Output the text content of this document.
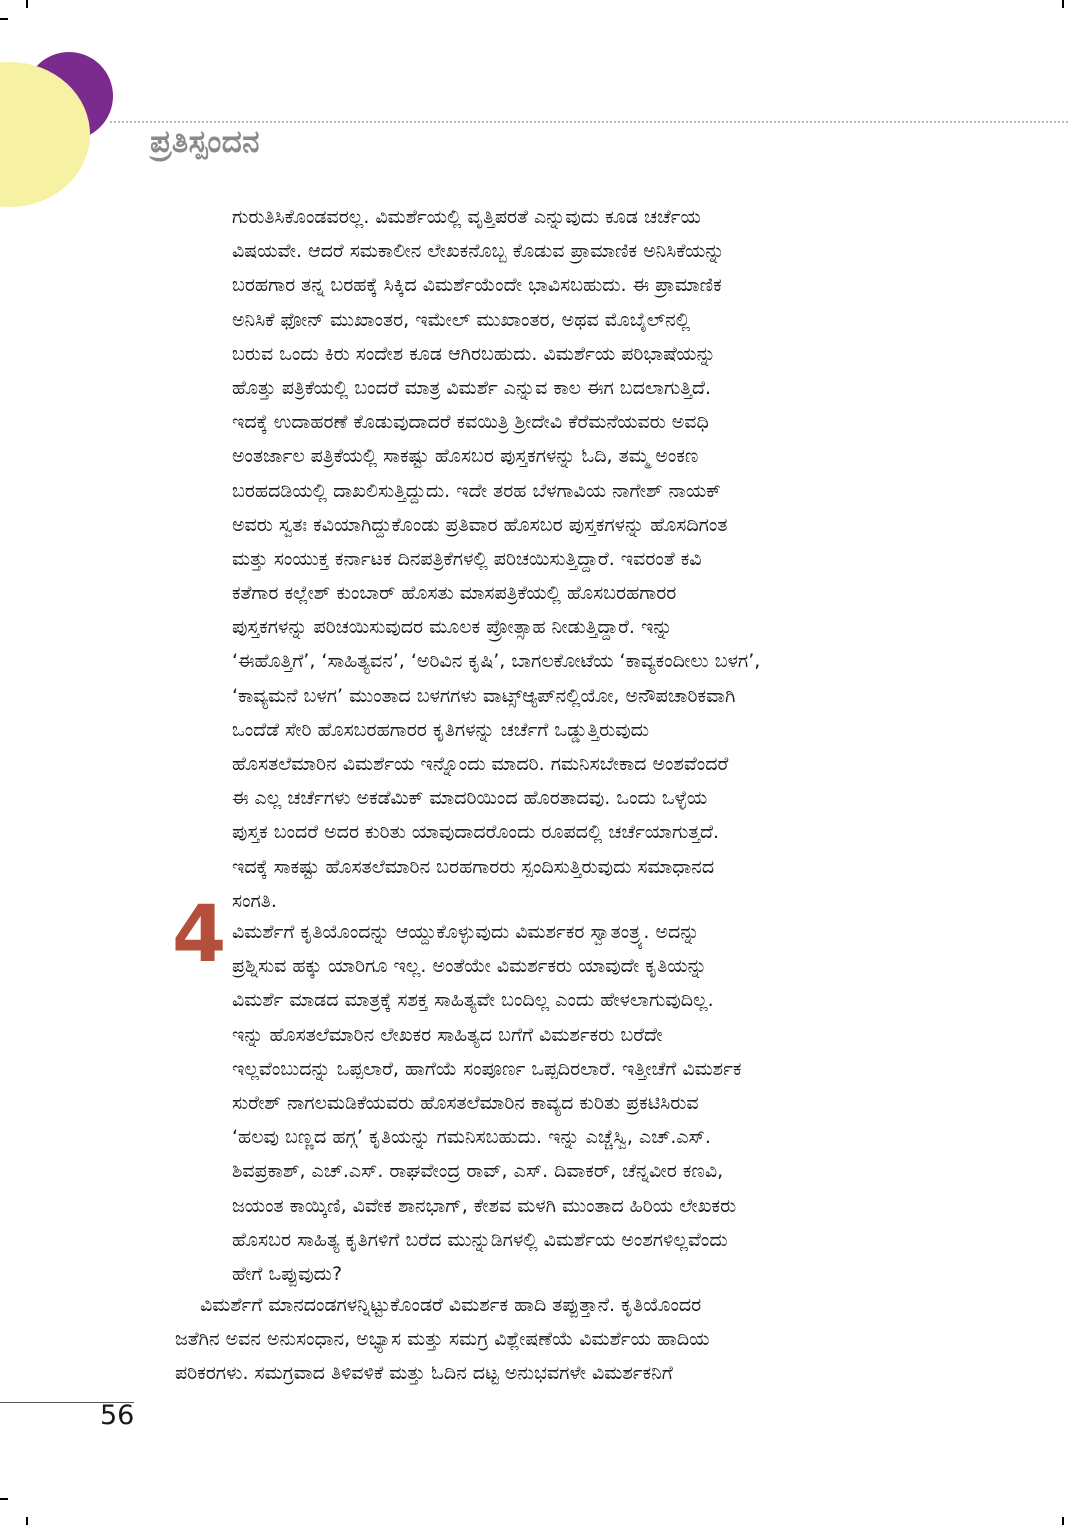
ಪ್ರತಿಸ್ಪಂದನ
ಗುರುತಿಸಿಕೊಂಡವರಲ್ಲ. ವಿಮರ್ಶೆಯಲ್ಲಿ ವೃತ್ತಿಪರತೆ ಎನ್ನುವುದು ಕೂಡ ಚರ್ಚೆಯ
ವಿಷಯವೇ. ಆದರೆ ಸಮಕಾಲೀನ ಲೇಖಕನೊಬ್ಬ ಕೊಡುವ ಪ್ರಾಮಾಣಿಕ ಅನಿಸಿಕೆಯನ್ನು
ಬರಹಗಾರ ತನ್ನ ಬರಹಕ್ಕೆ ಸಿಕ್ಕಿದ ವಿಮರ್ಶೆಯೆಂದೇ ಭಾವಿಸಬಹುದು. ಈ ಪ್ರಾಮಾಣಿಕ
ಅನಿಸಿಕೆ ಫೋನ್ ಮುಖಾಂತರ, ಇಮೇಲ್ ಮುಖಾಂತರ, ಅಥವ ಮೊಬೈಲ್‌ನಲ್ಲಿ
ಬರುವ ಒಂದು ಕಿರು ಸಂದೇಶ ಕೂಡ ಆಗಿರಬಹುದು. ವಿಮರ್ಶೆಯ ಪರಿಭಾಷೆಯನ್ನು
ಹೊತ್ತು ಪತ್ರಿಕೆಯಲ್ಲಿ ಬಂದರೆ ಮಾತ್ರ ವಿಮರ್ಶೆ ಎನ್ನುವ ಕಾಲ ಈಗ ಬದಲಾಗುತ್ತಿದೆ.
ಇದಕ್ಕೆ ಉದಾಹರಣೆ ಕೊಡುವುದಾದರೆ ಕವಯಿತ್ರಿ ಶ್ರೀದೇವಿ ಕೆರೆಮನೆಯವರು ಅವಧಿ
ಅಂತರ್ಜಾಲ ಪತ್ರಿಕೆಯಲ್ಲಿ ಸಾಕಷ್ಟು ಹೊಸಬರ ಪುಸ್ತಕಗಳನ್ನು ಓದಿ, ತಮ್ಮ ಅಂಕಣ
ಬರಹದಡಿಯಲ್ಲಿ ದಾಖಲಿಸುತ್ತಿದ್ದುದು. ಇದೇ ತರಹ ಬೆಳಗಾವಿಯ ನಾಗೇಶ್ ನಾಯಕ್
ಅವರು ಸ್ವತಃ ಕವಿಯಾಗಿದ್ದುಕೊಂಡು ಪ್ರತಿವಾರ ಹೊಸಬರ ಪುಸ್ತಕಗಳನ್ನು ಹೊಸದಿಗಂತ
ಮತ್ತು ಸಂಯುಕ್ತ ಕರ್ನಾಟಕ ದಿನಪತ್ರಿಕೆಗಳಲ್ಲಿ ಪರಿಚಯಿಸುತ್ತಿದ್ದಾರೆ. ಇವರಂತೆ ಕವಿ
ಕತೆಗಾರ ಕಲ್ಲೇಶ್ ಕುಂಬಾರ್ ಹೊಸತು ಮಾಸಪತ್ರಿಕೆಯಲ್ಲಿ ಹೊಸಬರಹಗಾರರ
ಪುಸ್ತಕಗಳನ್ನು ಪರಿಚಯಿಸುವುದರ ಮೂಲಕ ಪ್ರೋತ್ಸಾಹ ನೀಡುತ್ತಿದ್ದಾರೆ. ಇನ್ನು
‘ಈಹೊತ್ತಿಗೆ’, ‘ಸಾಹಿತ್ಯವನ’, ‘ಅರಿವಿನ ಕೃಷಿ’, ಬಾಗಲಕೋಟೆಯ ‘ಕಾವ್ಯಕಂದೀಲು ಬಳಗ’,
‘ಕಾವ್ಯಮನೆ ಬಳಗ’ ಮುಂತಾದ ಬಳಗಗಳು ವಾಟ್ಸ್ಆ್ಯಪ್‌ನಲ್ಲಿಯೋ, ಅನೌಪಚಾರಿಕವಾಗಿ
ಒಂದೆಡೆ ಸೇರಿ ಹೊಸಬರಹಗಾರರ ಕೃತಿಗಳನ್ನು ಚರ್ಚೆಗೆ ಒಡ್ಡುತ್ತಿರುವುದು
ಹೊಸತಲೆಮಾರಿನ ವಿಮರ್ಶೆಯ ಇನ್ನೊಂದು ಮಾದರಿ. ಗಮನಿಸಬೇಕಾದ ಅಂಶವೆಂದರೆ
ಈ ಎಲ್ಲ ಚರ್ಚೆಗಳು ಅಕಡೆಮಿಕ್ ಮಾದರಿಯಿಂದ ಹೊರತಾದವು. ಒಂದು ಒಳ್ಳೆಯ
ಪುಸ್ತಕ ಬಂದರೆ ಅದರ ಕುರಿತು ಯಾವುದಾದರೊಂದು ರೂಪದಲ್ಲಿ ಚರ್ಚೆಯಾಗುತ್ತದೆ.
ಇದಕ್ಕೆ ಸಾಕಷ್ಟು ಹೊಸತಲೆಮಾರಿನ ಬರಹಗಾರರು ಸ್ಪಂದಿಸುತ್ತಿರುವುದು ಸಮಾಧಾನದ
ಸಂಗತಿ.
4 ವಿಮರ್ಶೆಗೆ ಕೃತಿಯೊಂದನ್ನು ಆಯ್ದುಕೊಳ್ಳುವುದು ವಿಮರ್ಶಕರ ಸ್ವಾತಂತ್ರ್ಯ. ಅದನ್ನು
ಪ್ರಶ್ನಿಸುವ ಹಕ್ಕು ಯಾರಿಗೂ ಇಲ್ಲ. ಅಂತೆಯೇ ವಿಮರ್ಶಕರು ಯಾವುದೇ ಕೃತಿಯನ್ನು
ವಿಮರ್ಶೆ ಮಾಡದ ಮಾತ್ರಕ್ಕೆ ಸಶಕ್ತ ಸಾಹಿತ್ಯವೇ ಬಂದಿಲ್ಲ ಎಂದು ಹೇಳಲಾಗುವುದಿಲ್ಲ.
ಇನ್ನು ಹೊಸತಲೆಮಾರಿನ ಲೇಖಕರ ಸಾಹಿತ್ಯದ ಬಗೆಗೆ ವಿಮರ್ಶಕರು ಬರೆದೇ
ಇಲ್ಲವೆಂಬುದನ್ನು ಒಪ್ಪಲಾರೆ, ಹಾಗೆಯೆ ಸಂಪೂರ್ಣ ಒಪ್ಪದಿರಲಾರೆ. ಇತ್ತೀಚೆಗೆ ವಿಮರ್ಶಕ
ಸುರೇಶ್ ನಾಗಲಮಡಿಕೆಯವರು ಹೊಸತಲೆಮಾರಿನ ಕಾವ್ಯದ ಕುರಿತು ಪ್ರಕಟಿಸಿರುವ
‘ಹಲವು ಬಣ್ಣದ ಹಗ್ಗ’ ಕೃತಿಯನ್ನು ಗಮನಿಸಬಹುದು. ಇನ್ನು ಎಚ್ಚೆಸ್ವಿ, ಎಚ್.ಎಸ್.
ಶಿವಪ್ರಕಾಶ್, ಎಚ್.ಎಸ್. ರಾಘವೇಂದ್ರ ರಾವ್, ಎಸ್. ದಿವಾಕರ್, ಚೆನ್ನವೀರ ಕಣವಿ,
ಜಯಂತ ಕಾಯ್ಕಿಣಿ, ವಿವೇಕ ಶಾನಭಾಗ್, ಕೇಶವ ಮಳಗಿ ಮುಂತಾದ ಹಿರಿಯ ಲೇಖಕರು
ಹೊಸಬರ ಸಾಹಿತ್ಯ ಕೃತಿಗಳಿಗೆ ಬರೆದ ಮುನ್ನುಡಿಗಳಲ್ಲಿ ವಿಮರ್ಶೆಯ ಅಂಶಗಳಿಲ್ಲವೆಂದು
ಹೇಗೆ ಒಪ್ಪುವುದು?
ವಿಮರ್ಶೆಗೆ ಮಾನದಂಡಗಳನ್ನಿಟ್ಟುಕೊಂಡರೆ ವಿಮರ್ಶಕ ಹಾದಿ ತಪ್ಪುತ್ತಾನೆ. ಕೃತಿಯೊಂದರ
ಜತೆಗಿನ ಅವನ ಅನುಸಂಧಾನ, ಅಭ್ಯಾಸ ಮತ್ತು ಸಮಗ್ರ ವಿಶ್ಲೇಷಣೆಯೆ ವಿಮರ್ಶೆಯ ಹಾದಿಯ
ಪರಿಕರಗಳು. ಸಮಗ್ರವಾದ ತಿಳಿವಳಿಕೆ ಮತ್ತು ಓದಿನ ದಟ್ಟ ಅನುಭವಗಳೇ ವಿಮರ್ಶಕನಿಗೆ
56
